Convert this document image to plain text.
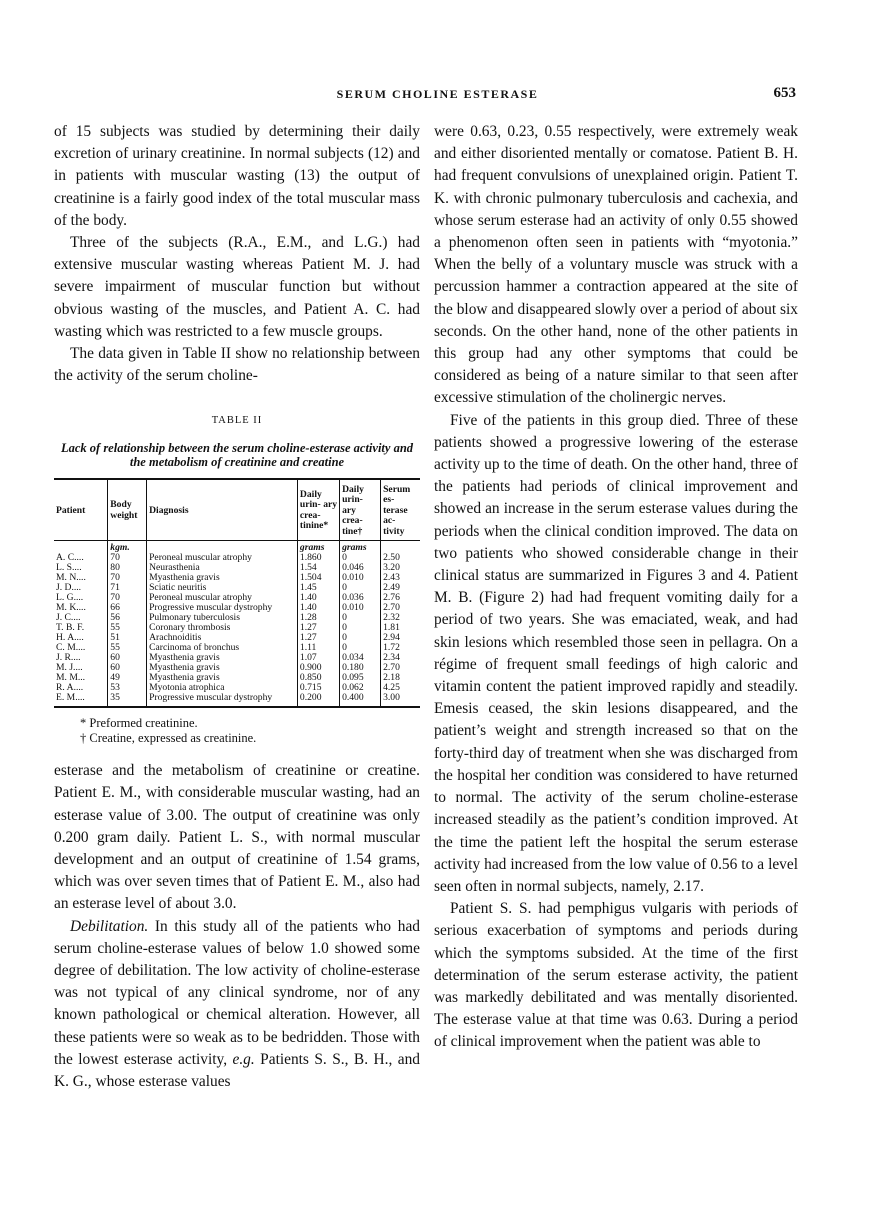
SERUM CHOLINE ESTERASE	653

of 15 subjects was studied by determining their daily excretion of urinary creatinine. In normal subjects (12) and in patients with muscular wasting (13) the output of creatinine is a fairly good index of the total muscular mass of the body.

Three of the subjects (R.A., E.M., and L.G.) had extensive muscular wasting whereas Patient M. J. had severe impairment of muscular function but without obvious wasting of the muscles, and Patient A. C. had wasting which was restricted to a few muscle groups.

The data given in Table II show no relationship between the activity of the serum choline-

TABLE II
Lack of relationship between the serum choline-esterase activity and the metabolism of creatinine and creatine
Patient	Body weight	Diagnosis	Daily urin- ary crea- tinine*	Daily urin- ary crea- tine†	Serum es- terase ac- tivity
	kgm.		grams	grams	
A. C....	70	Peroneal muscular atrophy	1.860	0	2.50
L. S....	80	Neurasthenia	1.54	0.046	3.20
M. N....	70	Myasthenia gravis	1.504	0.010	2.43
J. D....	71	Sciatic neuritis	1.45	0	2.49
L. G....	70	Peroneal muscular atrophy	1.40	0.036	2.76
M. K....	66	Progressive muscular dystrophy	1.40	0.010	2.70
J. C....	56	Pulmonary tuberculosis	1.28	0	2.32
T. B. F.	55	Coronary thrombosis	1.27	0	1.81
H. A....	51	Arachnoiditis	1.27	0	2.94
C. M....	55	Carcinoma of bronchus	1.11	0	1.72
J. R....	60	Myasthenia gravis	1.07	0.034	2.34
M. J....	60	Myasthenia gravis	0.900	0.180	2.70
M. M...	49	Myasthenia gravis	0.850	0.095	2.18
R. A....	53	Myotonia atrophica	0.715	0.062	4.25
E. M....	35	Progressive muscular dystrophy	0.200	0.400	3.00
* Preformed creatinine.
† Creatine, expressed as creatinine.

esterase and the metabolism of creatinine or creatine. Patient E. M., with considerable muscular wasting, had an esterase value of 3.00. The output of creatinine was only 0.200 gram daily. Patient L. S., with normal muscular development and an output of creatinine of 1.54 grams, which was over seven times that of Patient E. M., also had an esterase level of about 3.0.

Debilitation. In this study all of the patients who had serum choline-esterase values of below 1.0 showed some degree of debilitation. The low activity of choline-esterase was not typical of any clinical syndrome, nor of any known pathological or chemical alteration. However, all these patients were so weak as to be bedridden. Those with the lowest esterase activity, e.g. Patients S. S., B. H., and K. G., whose esterase values

were 0.63, 0.23, 0.55 respectively, were extremely weak and either disoriented mentally or comatose. Patient B. H. had frequent convulsions of unexplained origin. Patient T. K. with chronic pulmonary tuberculosis and cachexia, and whose serum esterase had an activity of only 0.55 showed a phenomenon often seen in patients with “myotonia.” When the belly of a voluntary muscle was struck with a percussion hammer a contraction appeared at the site of the blow and disappeared slowly over a period of about six seconds. On the other hand, none of the other patients in this group had any other symptoms that could be considered as being of a nature similar to that seen after excessive stimulation of the cholinergic nerves.

Five of the patients in this group died. Three of these patients showed a progressive lowering of the esterase activity up to the time of death. On the other hand, three of the patients had periods of clinical improvement and showed an increase in the serum esterase values during the periods when the clinical condition improved. The data on two patients who showed considerable change in their clinical status are summarized in Figures 3 and 4. Patient M. B. (Figure 2) had had frequent vomiting daily for a period of two years. She was emaciated, weak, and had skin lesions which resembled those seen in pellagra. On a régime of frequent small feedings of high caloric and vitamin content the patient improved rapidly and steadily. Emesis ceased, the skin lesions disappeared, and the patient’s weight and strength increased so that on the forty-third day of treatment when she was discharged from the hospital her condition was considered to have returned to normal. The activity of the serum choline-esterase increased steadily as the patient’s condition improved. At the time the patient left the hospital the serum esterase activity had increased from the low value of 0.56 to a level seen often in normal subjects, namely, 2.17.

Patient S. S. had pemphigus vulgaris with periods of serious exacerbation of symptoms and periods during which the symptoms subsided. At the time of the first determination of the serum esterase activity, the patient was markedly debilitated and was mentally disoriented. The esterase value at that time was 0.63. During a period of clinical improvement when the patient was able to
